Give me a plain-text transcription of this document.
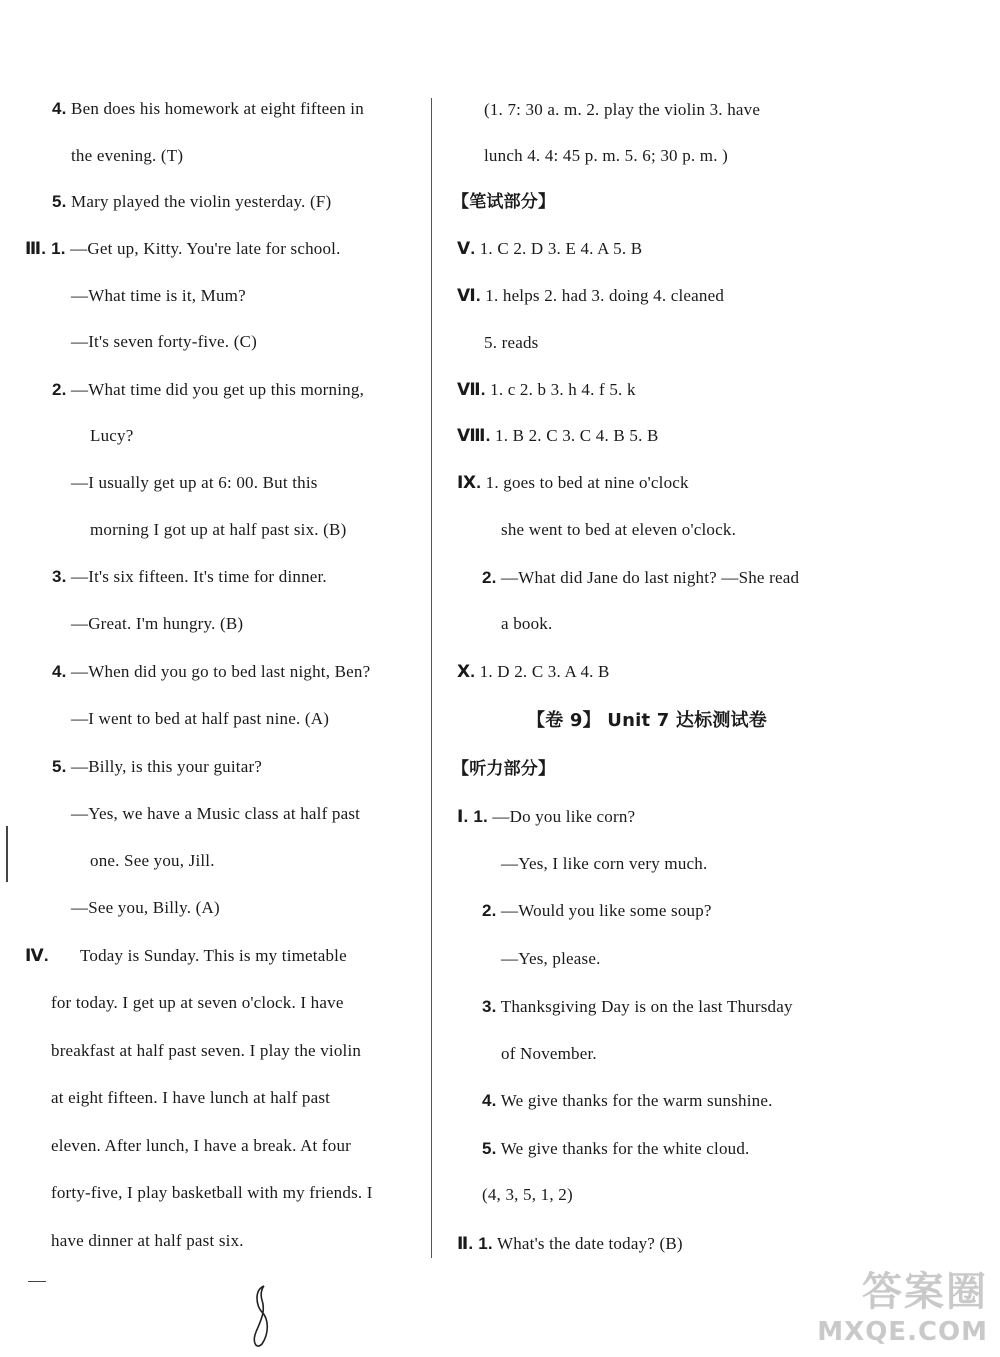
4. Ben does his homework at eight fifteen in
the evening. (T)
5. Mary played the violin yesterday. (F)
Ⅲ. 1. —Get up, Kitty. You're late for school.
—What time is it, Mum?
—It's seven forty-five. (C)
2. —What time did you get up this morning,
Lucy?
—I usually get up at 6: 00. But this
morning I got up at half past six. (B)
3. —It's six fifteen. It's time for dinner.
—Great. I'm hungry. (B)
4. —When did you go to bed last night, Ben?
—I went to bed at half past nine. (A)
5. —Billy, is this your guitar?
—Yes, we have a Music class at half past
one. See you, Jill.
—See you, Billy. (A)
Ⅳ. Today is Sunday. This is my timetable
for today. I get up at seven o'clock. I have
breakfast at half past seven. I play the violin
at eight fifteen. I have lunch at half past
eleven. After lunch, I have a break. At four
forty-five, I play basketball with my friends. I
have dinner at half past six.
(1. 7: 30 a. m. 2. play the violin 3. have
lunch 4. 4: 45 p. m. 5. 6; 30 p. m. )
【笔试部分】
Ⅴ. 1. C 2. D 3. E 4. A 5. B
Ⅵ. 1. helps 2. had 3. doing 4. cleaned
5. reads
Ⅶ. 1. c 2. b 3. h 4. f 5. k
Ⅷ. 1. B 2. C 3. C 4. B 5. B
Ⅸ. 1. goes to bed at nine o'clock
she went to bed at eleven o'clock.
2. —What did Jane do last night? —She read
a book.
Ⅹ. 1. D 2. C 3. A 4. B
【卷 9】 Unit 7 达标测试卷
【听力部分】
Ⅰ. 1. —Do you like corn?
—Yes, I like corn very much.
2. —Would you like some soup?
—Yes, please.
3. Thanksgiving Day is on the last Thursday
of November.
4. We give thanks for the warm sunshine.
5. We give thanks for the white cloud.
(4, 3, 5, 1, 2)
Ⅱ. 1. What's the date today? (B)
答案圈
MXQE.COM
